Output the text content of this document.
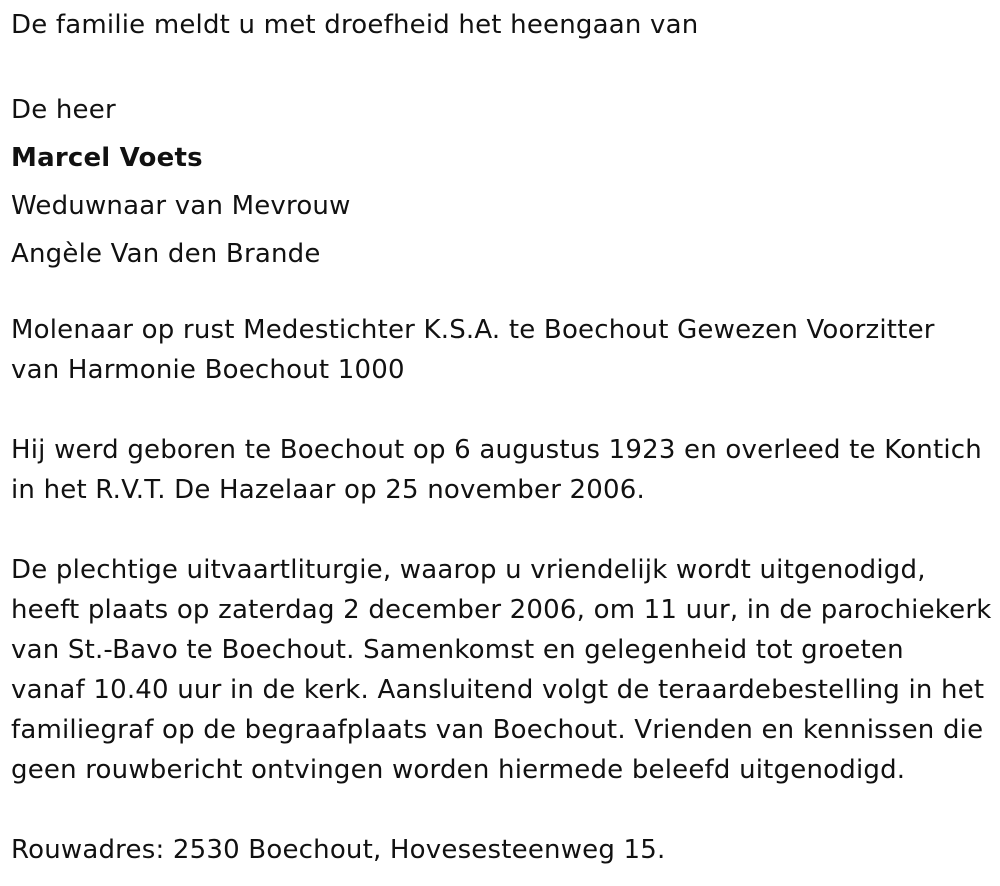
De familie meldt u met droefheid het heengaan van
De heer
Marcel Voets
Weduwnaar van Mevrouw
Angèle Van den Brande
Molenaar op rust Medestichter K.S.A. te Boechout Gewezen Voorzitter
van Harmonie Boechout 1000
Hij werd geboren te Boechout op 6 augustus 1923 en overleed te Kontich
in het R.V.T. De Hazelaar op 25 november 2006.
De plechtige uitvaartliturgie, waarop u vriendelijk wordt uitgenodigd,
heeft plaats op zaterdag 2 december 2006, om 11 uur, in de parochiekerk
van St.-Bavo te Boechout. Samenkomst en gelegenheid tot groeten
vanaf 10.40 uur in de kerk. Aansluitend volgt de teraardebestelling in het
familiegraf op de begraafplaats van Boechout. Vrienden en kennissen die
geen rouwbericht ontvingen worden hiermede beleefd uitgenodigd.
Rouwadres: 2530 Boechout, Hovesesteenweg 15.
